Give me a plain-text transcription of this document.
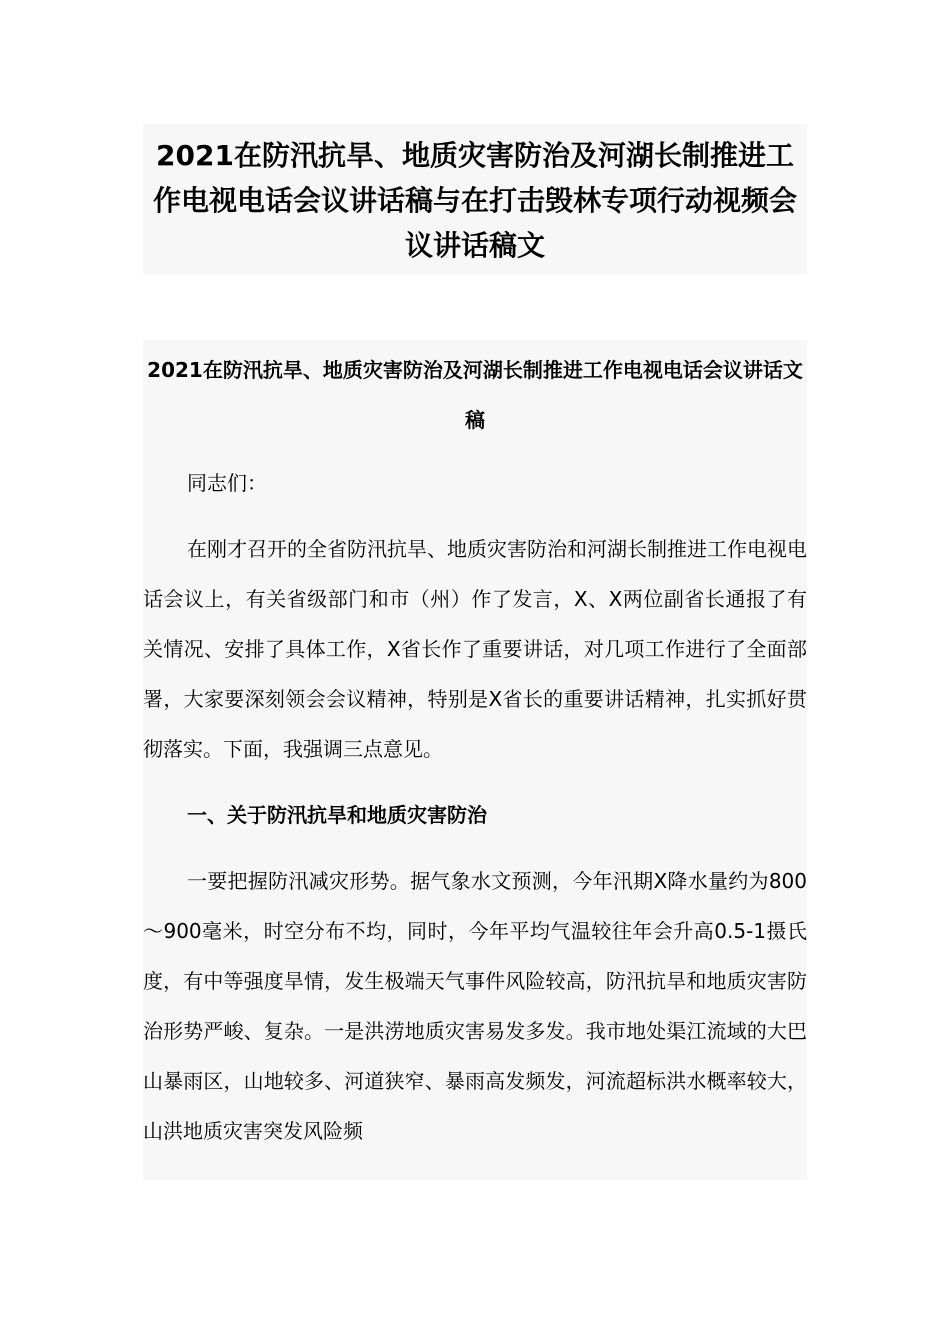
2021在防汛抗旱、地质灾害防治及河湖长制推进工作电视电话会议讲话稿与在打击毁林专项行动视频会议讲话稿文
2021在防汛抗旱、地质灾害防治及河湖长制推进工作电视电话会议讲话文稿

同志们：

在刚才召开的全省防汛抗旱、地质灾害防治和河湖长制推进工作电视电话会议上，有关省级部门和市（州）作了发言，X、X两位副省长通报了有关情况、安排了具体工作，X省长作了重要讲话，对几项工作进行了全面部署，大家要深刻领会会议精神，特别是X省长的重要讲话精神，扎实抓好贯彻落实。下面，我强调三点意见。

一、关于防汛抗旱和地质灾害防治

一要把握防汛减灾形势。据气象水文预测，今年汛期X降水量约为800～900毫米，时空分布不均，同时，今年平均气温较往年会升高0.5-1摄氏度，有中等强度旱情，发生极端天气事件风险较高，防汛抗旱和地质灾害防治形势严峻、复杂。一是洪涝地质灾害易发多发。我市地处渠江流域的大巴山暴雨区，山地较多、河道狭窄、暴雨高发频发，河流超标洪水概率较大，山洪地质灾害突发风险频
